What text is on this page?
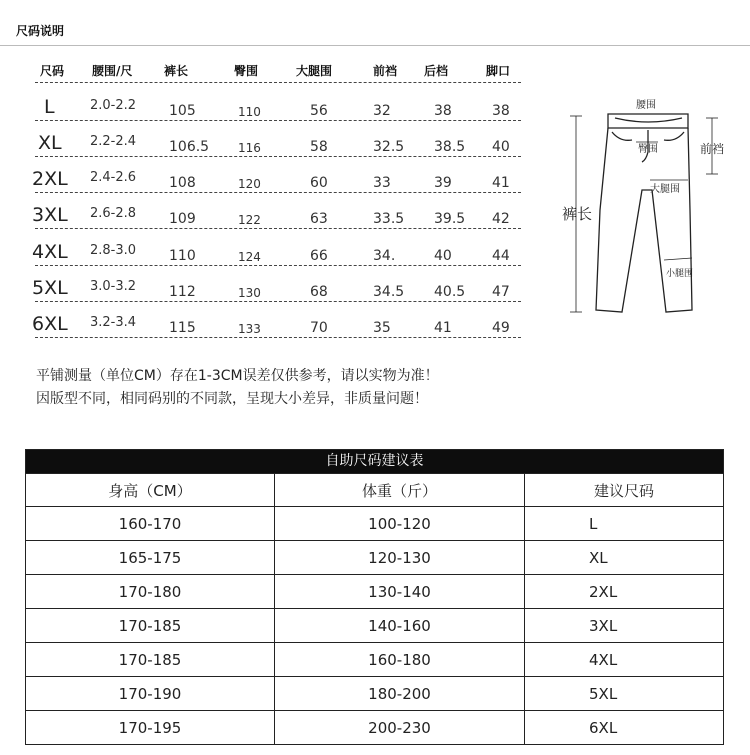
尺码说明
尺码 腰围/尺	裤长	臀围	大腿围	前裆 后档	脚口
L	2.0-2.2 105	110	56	32	38	38
XL 2.2-2.4 106.5 116	58	32.5 38.5 40
2XL 2.4-2.6 108	120	60	33	39	41
3XL 2.6-2.8 109	122	63	33.5 39.5 42
4XL 2.8-3.0 110	124	66	34.	40	44
5XL 3.0-3.2 112	130	68	34.5 40.5 47
6XL 3.2-3.4 115	133	70	35	41	49
平铺测量（单位CM）存在1-3CM误差仅供参考，请以实物为准！
因版型不同，相同码别的不同款，呈现大小差异，非质量问题！
腰围
臀围	前裆
大腿围
裤长
小腿围
自助尺码建议表
身高（CM）	体重（斤）	建议尺码
160-170	100-120	L
165-175	120-130	XL
170-180	130-140	2XL
170-185	140-160	3XL
170-185	160-180	4XL
170-190	180-200	5XL
170-195	200-230	6XL
